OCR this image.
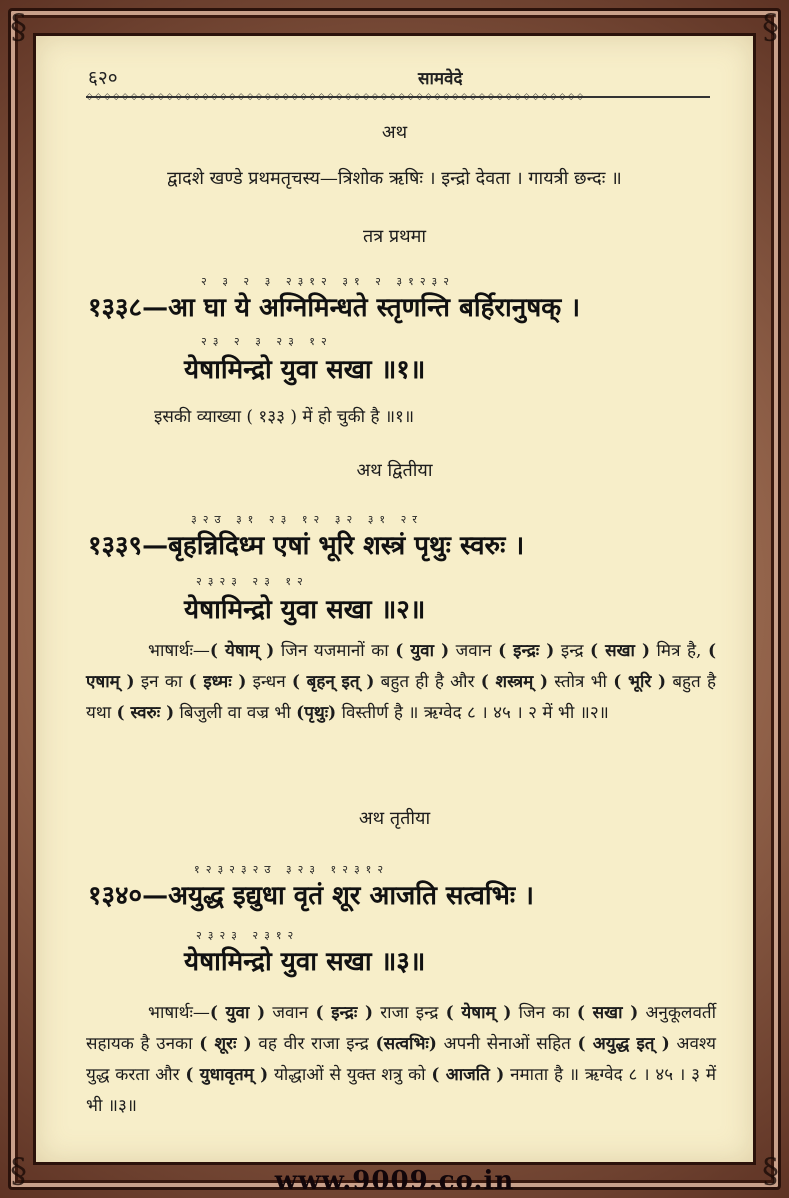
§	§
§	§
६२०	सामवेदे
◇◇◇◇◇◇◇◇◇◇◇◇◇◇◇◇◇◇◇◇◇◇◇◇◇◇◇◇◇◇◇◇◇◇◇◇◇◇◇◇◇◇◇◇◇◇◇◇◇◇◇◇◇◇◇◇
अथ
द्वादशे खण्डे प्रथमतृचस्य—त्रिशोक ऋषिः । इन्द्रो देवता । गायत्री छन्दः ॥
तत्र प्रथमा
२ ३ २ ३ २३१२ ३१ २ ३१२३२
१३३८—आ घा ये अग्निमिन्धते स्तृणन्ति बर्हिरानुषक् ।
२३ २ ३ २३ १२
येषामिन्द्रो युवा सखा ॥१॥
इसकी व्याख्या ( १३३ ) में हो चुकी है ॥१॥
अथ द्वितीया
३२उ ३१ २३ १२ ३२ ३१ २र
१३३९—बृहन्निदिध्म एषां भूरि शस्त्रं पृथुः स्वरुः ।
२३२३ २३ १२
येषामिन्द्रो युवा सखा ॥२॥
भाषार्थः—( येषाम् ) जिन यजमानों का ( युवा ) जवान ( इन्द्रः ) इन्द्र ( सखा ) मित्र है, ( एषाम् ) इन का ( इध्मः ) इन्धन ( बृहन् इत् ) बहुत ही है और ( शस्त्रम् ) स्तोत्र भी ( भूरि ) बहुत है यथा ( स्वरुः ) बिजुली वा वज्र भी (पृथुः) विस्तीर्ण है ॥ ऋग्वेद ८ । ४५ । २ में भी ॥२॥
अथ तृतीया
१२३२३२उ ३२३ १२३१२
१३४०—अयुद्ध इद्युधा वृतं शूर आजति सत्वभिः ।
२३२३ २३१२
येषामिन्द्रो युवा सखा ॥३॥
भाषार्थः—( युवा ) जवान ( इन्द्रः ) राजा इन्द्र ( येषाम् ) जिन का ( सखा ) अनुकूलवर्ती सहायक है उनका ( शूरः ) वह वीर राजा इन्द्र (सत्वभिः) अपनी सेनाओं सहित ( अयुद्ध इत् ) अवश्य युद्ध करता और ( युधावृतम् ) योद्धाओं से युक्त शत्रु को ( आजति ) नमाता है ॥ ऋग्वेद ८ । ४५ । ३ में भी ॥३॥
www.9009.co.in
